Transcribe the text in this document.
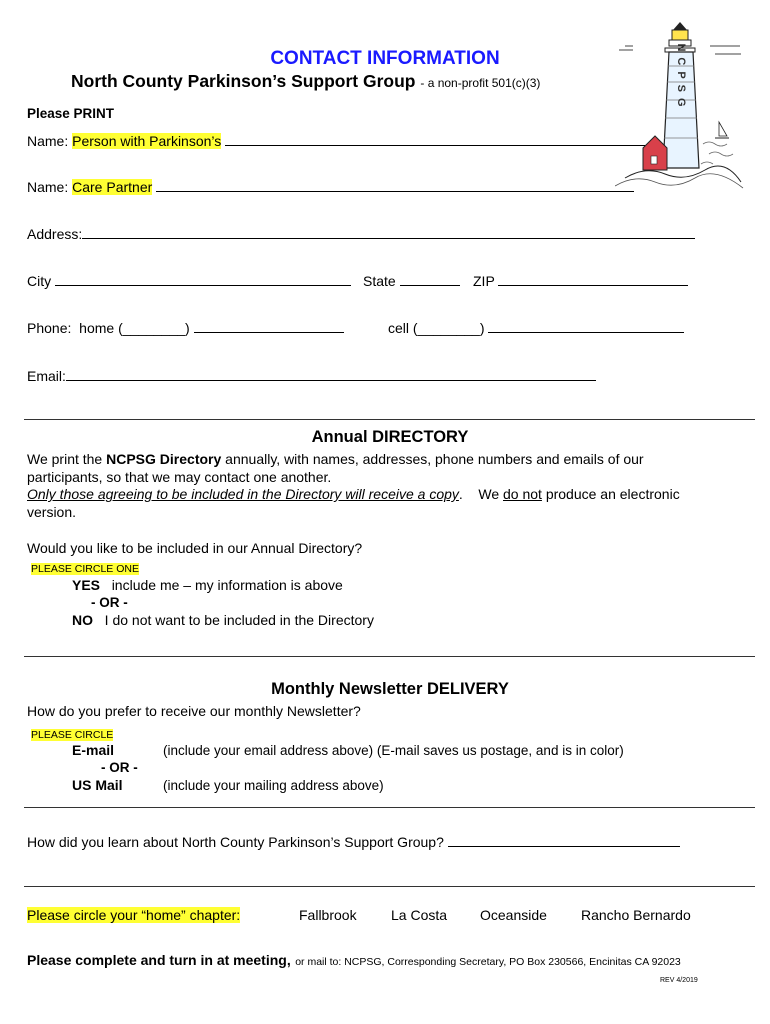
NCPSG
CONTACT INFORMATION
North County Parkinson’s Support Group - a non-profit 501(c)(3)
Please PRINT
Name: Person with Parkinson’s
Name: Care Partner
Address:
City	State	ZIP
Phone: home (________)	cell (________)
Email:
Annual DIRECTORY
We print the NCPSG Directory annually, with names, addresses, phone numbers and emails of our
participants, so that we may contact one another.
Only those agreeing to be included in the Directory will receive a copy. We do not produce an electronic
version.
Would you like to be included in our Annual Directory?
PLEASE CIRCLE ONE
YES include me – my information is above
- OR -
NO I do not want to be included in the Directory
Monthly Newsletter DELIVERY
How do you prefer to receive our monthly Newsletter?
PLEASE CIRCLE
E-mail	(include your email address above) (E-mail saves us postage, and is in color)
- OR -
US Mail	(include your mailing address above)
How did you learn about North County Parkinson’s Support Group?
Please circle your “home” chapter:	Fallbrook La Costa Oceanside Rancho Bernardo
Please complete and turn in at meeting, or mail to: NCPSG, Corresponding Secretary, PO Box 230566, Encinitas CA 92023
REV 4/2019
